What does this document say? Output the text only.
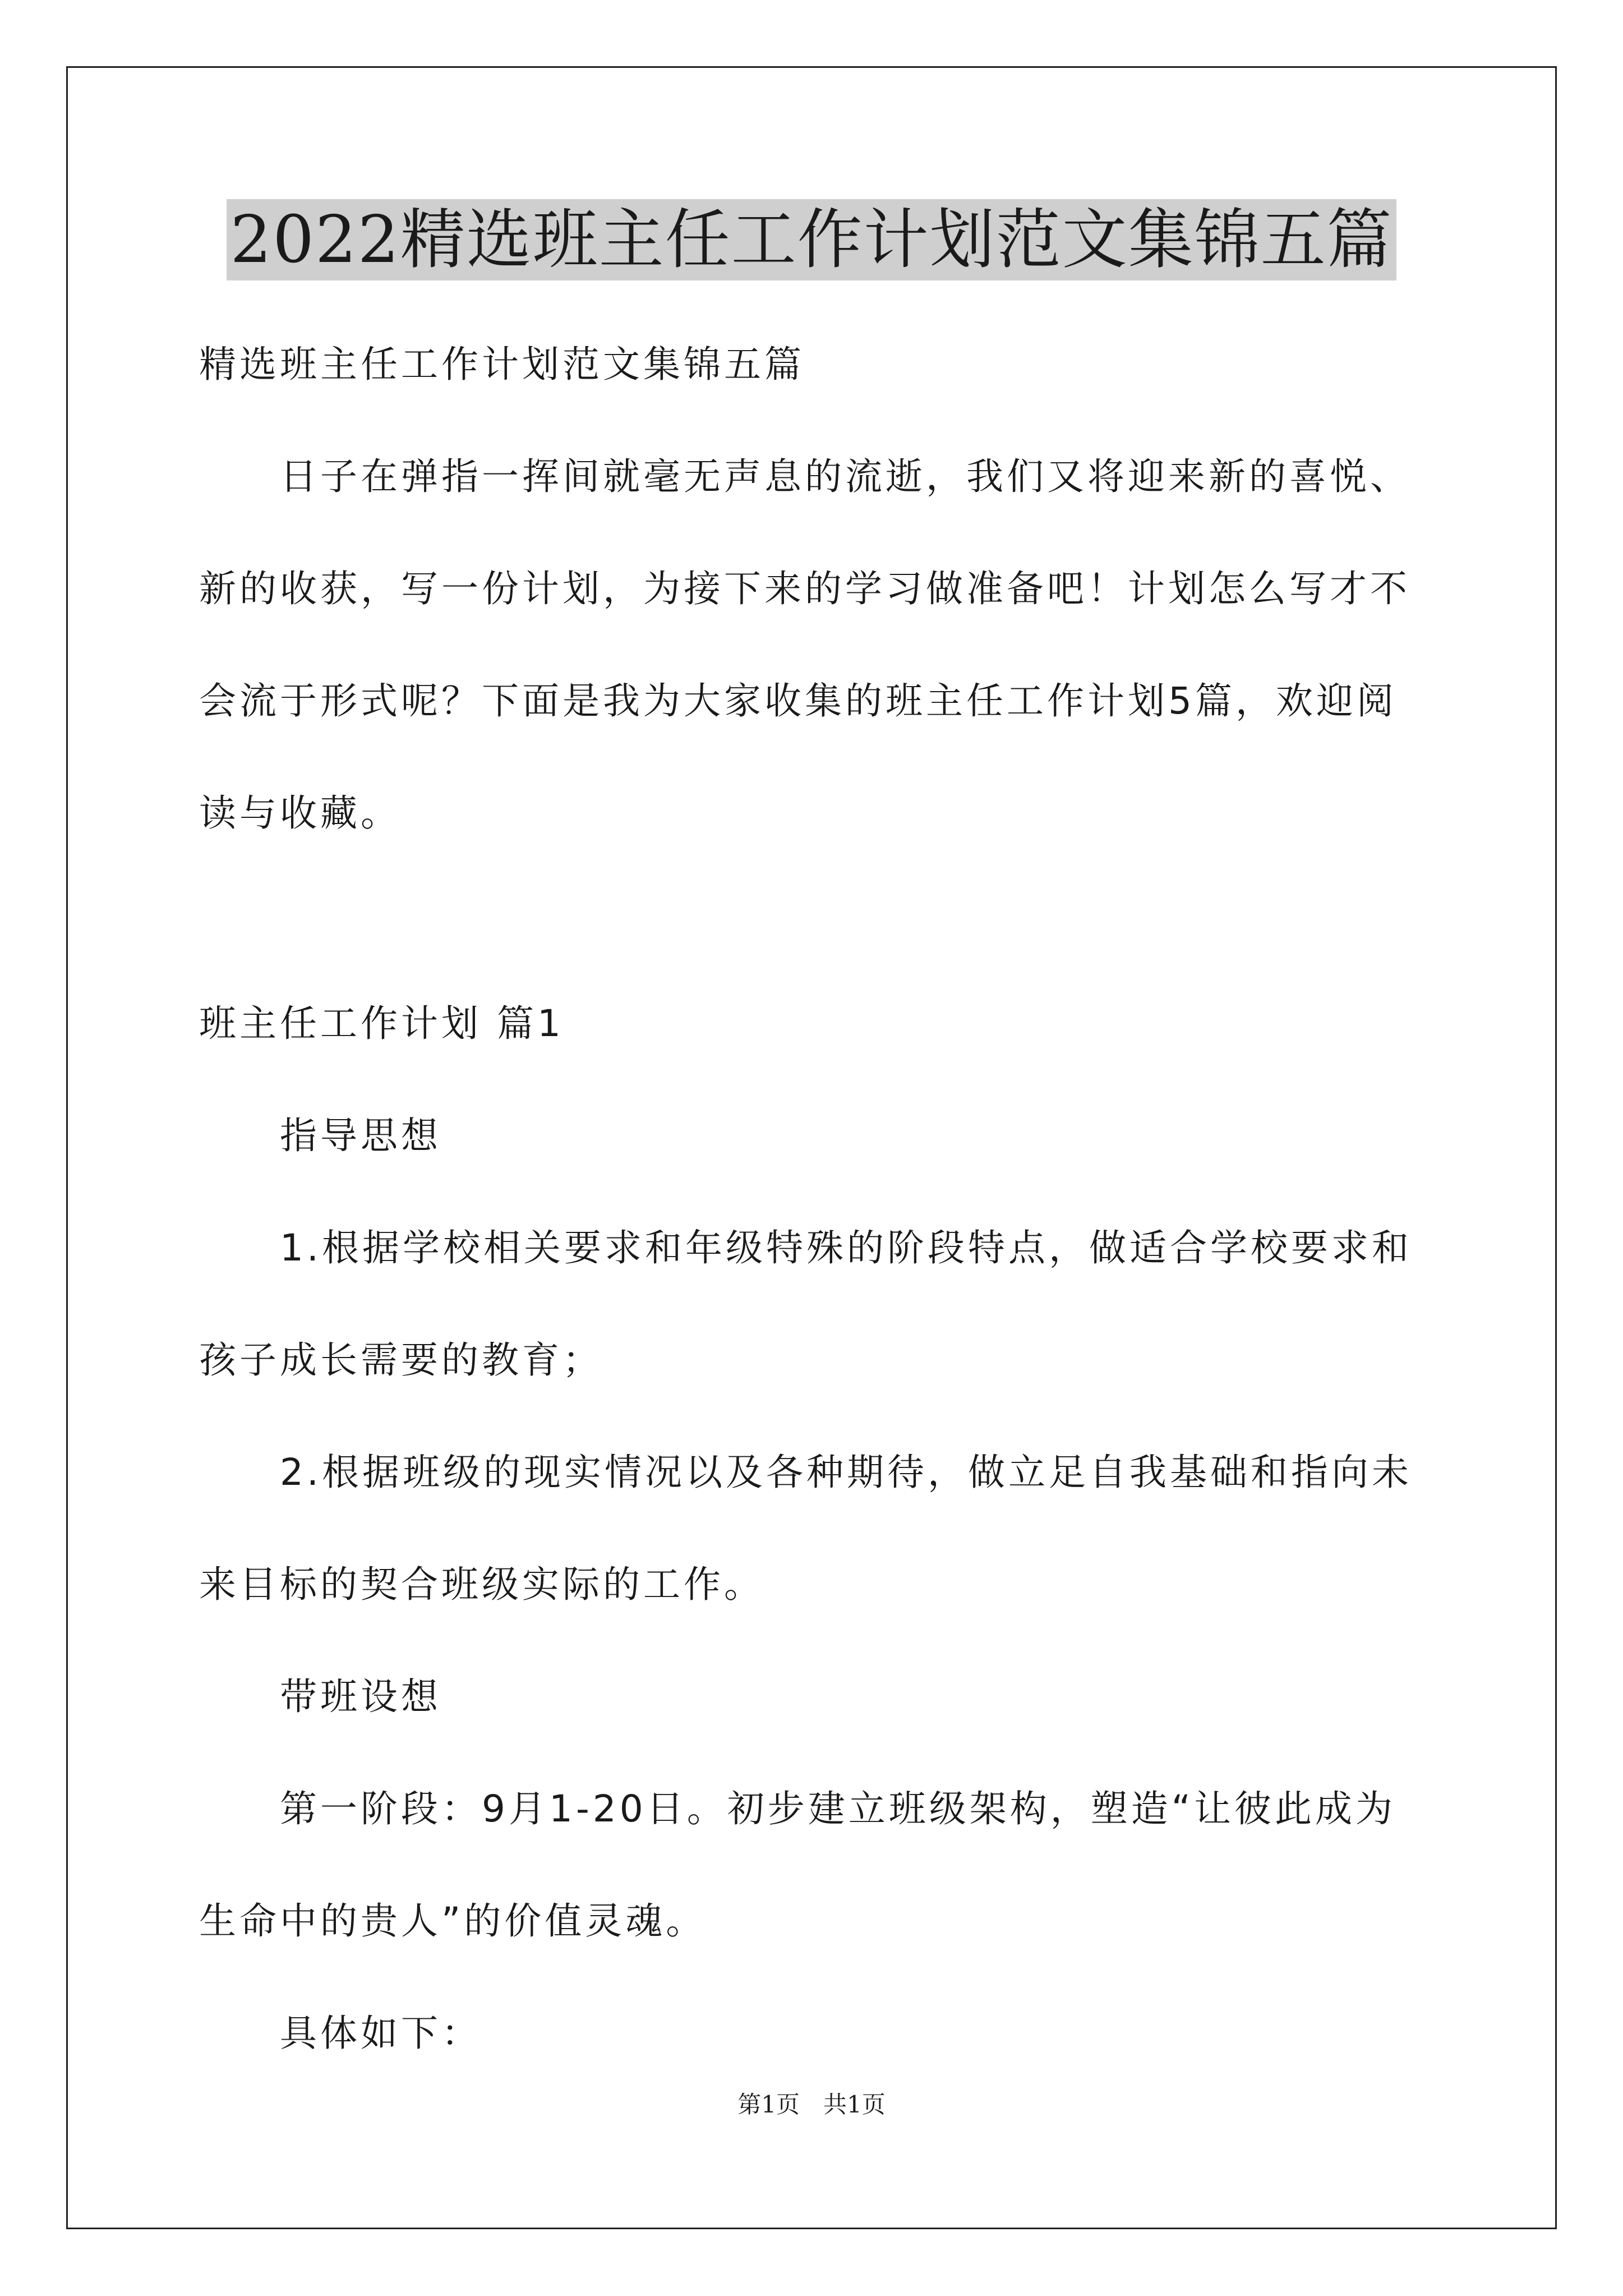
2022精选班主任工作计划范文集锦五篇
精选班主任工作计划范文集锦五篇
　　日子在弹指一挥间就毫无声息的流逝，我们又将迎来新的喜悦、
新的收获，写一份计划，为接下来的学习做准备吧！计划怎么写才不
会流于形式呢？下面是我为大家收集的班主任工作计划5篇，欢迎阅
读与收藏。
班主任工作计划 篇1
　　指导思想
　　1.根据学校相关要求和年级特殊的阶段特点，做适合学校要求和
孩子成长需要的教育；
　　2.根据班级的现实情况以及各种期待，做立足自我基础和指向未
来目标的契合班级实际的工作。
　　带班设想
　　第一阶段：9月1-20日。初步建立班级架构，塑造“让彼此成为
生命中的贵人”的价值灵魂。
　　具体如下：
第1页　共1页
